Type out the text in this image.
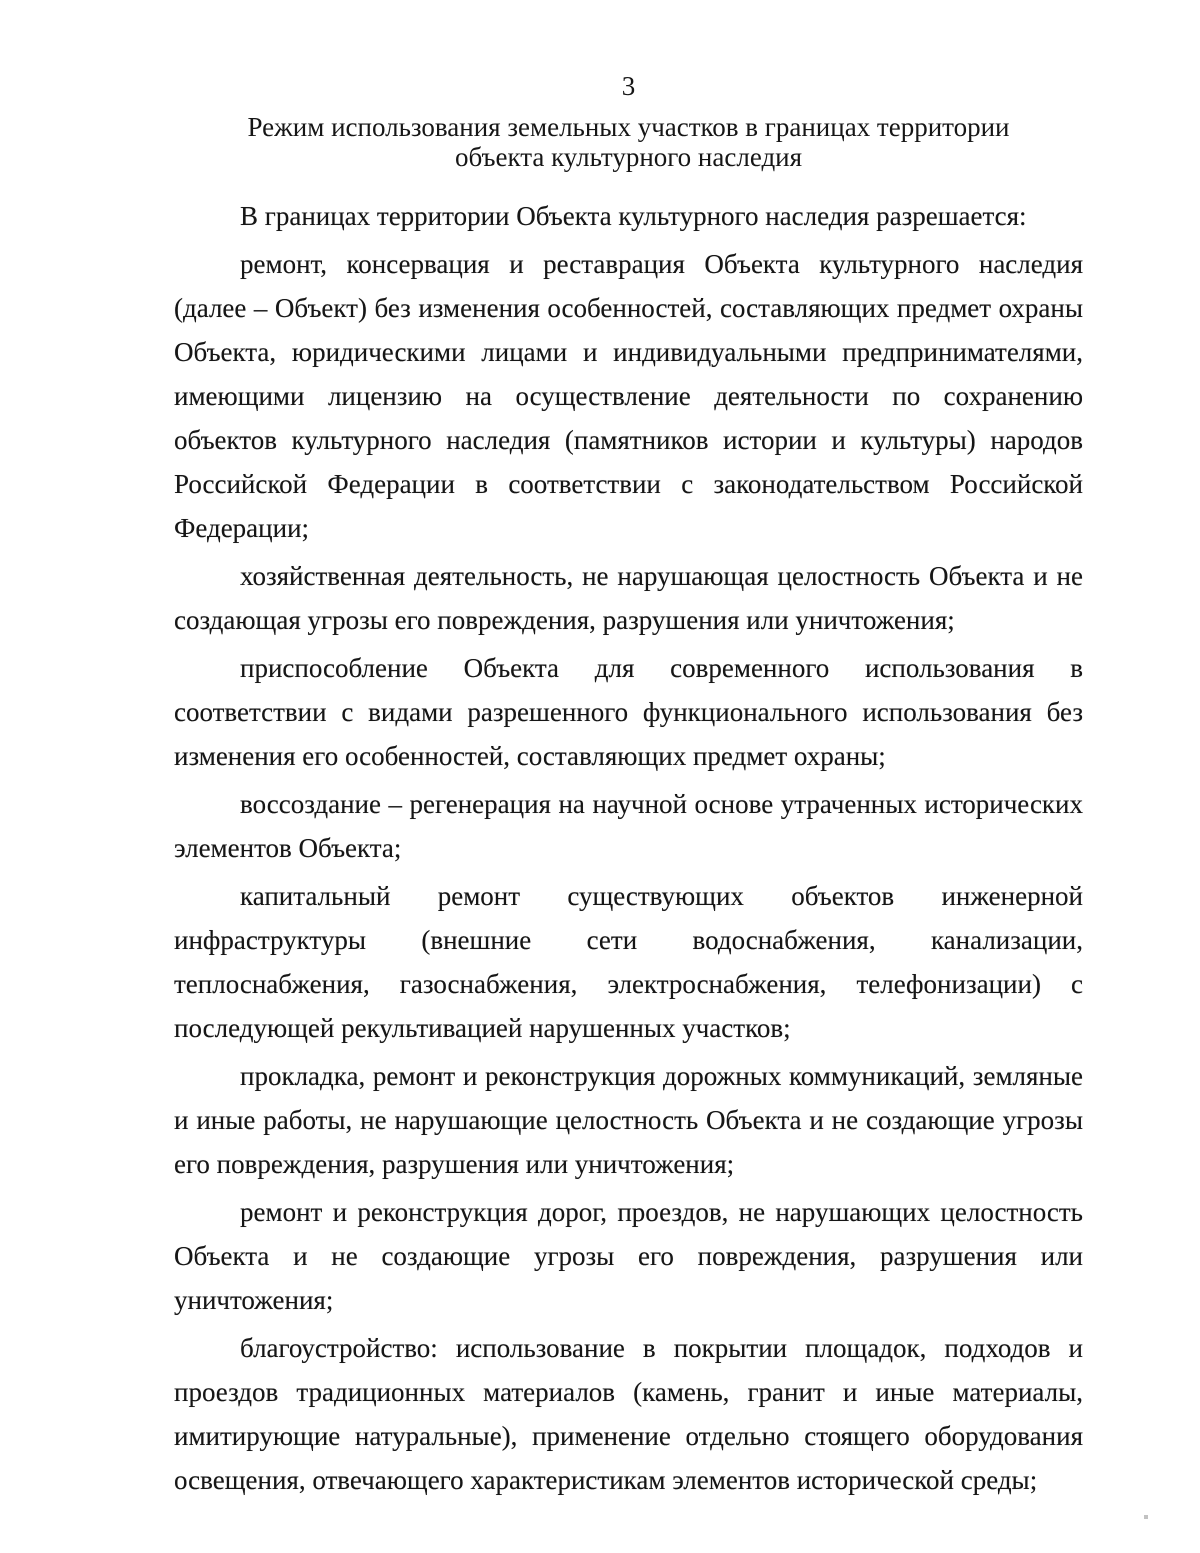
3
Режим использования земельных участков в границах территории
объекта культурного наследия

В границах территории Объекта культурного наследия разрешается:

ремонт, консервация и реставрация Объекта культурного наследия (далее – Объект) без изменения особенностей, составляющих предмет охраны Объекта, юридическими лицами и индивидуальными предпринимателями, имеющими лицензию на осуществление деятельности по сохранению объектов культурного наследия (памятников истории и культуры) народов Российской Федерации в соответствии с законодательством Российской Федерации;

хозяйственная деятельность, не нарушающая целостность Объекта и не создающая угрозы его повреждения, разрушения или уничтожения;

приспособление Объекта для современного использования в соответствии с видами разрешенного функционального использования без изменения его особенностей, составляющих предмет охраны;

воссоздание – регенерация на научной основе утраченных исторических элементов Объекта;

капитальный ремонт существующих объектов инженерной инфраструктуры (внешние сети водоснабжения, канализации, теплоснабжения, газоснабжения, электроснабжения, телефонизации) с последующей рекультивацией нарушенных участков;

прокладка, ремонт и реконструкция дорожных коммуникаций, земляные и иные работы, не нарушающие целостность Объекта и не создающие угрозы его повреждения, разрушения или уничтожения;

ремонт и реконструкция дорог, проездов, не нарушающих целостность Объекта и не создающие угрозы его повреждения, разрушения или уничтожения;

благоустройство: использование в покрытии площадок, подходов и проездов традиционных материалов (камень, гранит и иные материалы, имитирующие натуральные), применение отдельно стоящего оборудования освещения, отвечающего характеристикам элементов исторической среды;
